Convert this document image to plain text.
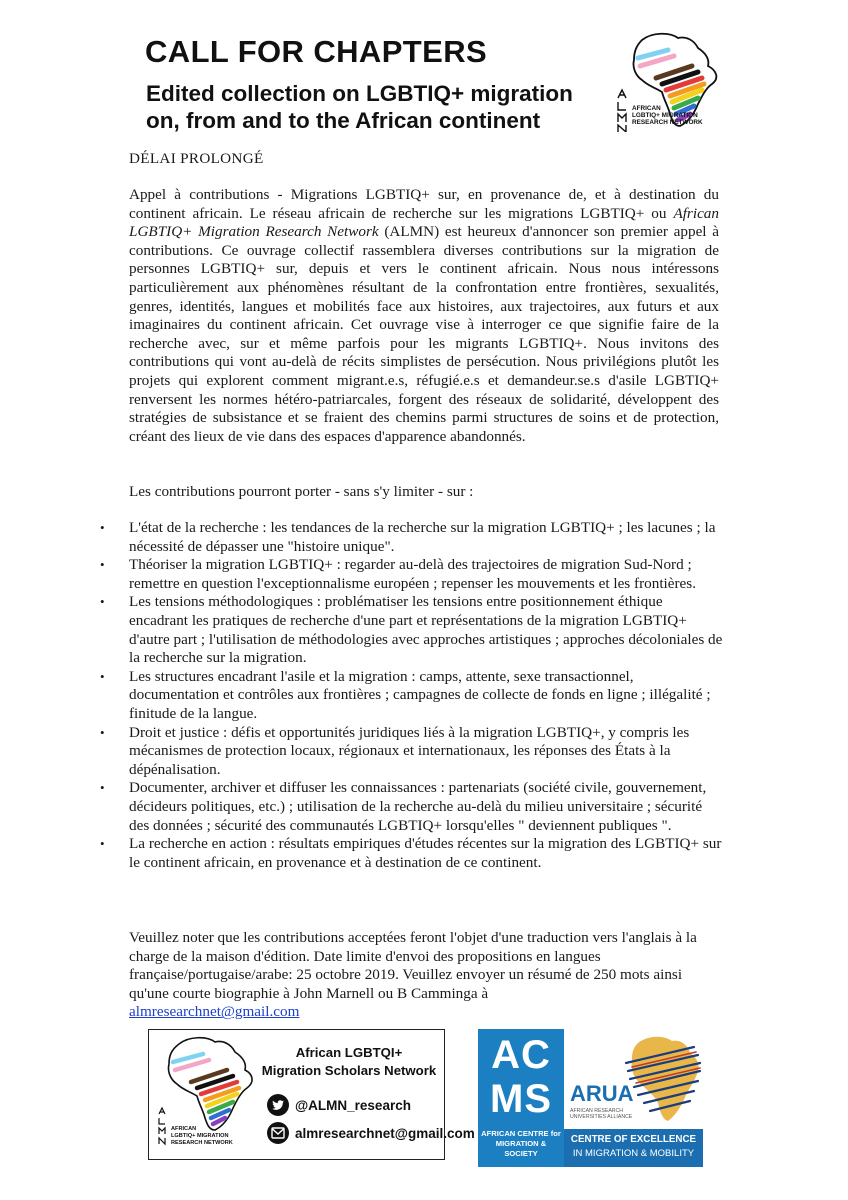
CALL FOR CHAPTERS
Edited collection on LGBTIQ+ migration
on, from and to the African continent	AFRICAN
LGBTIQ+ MIGRATION
RESEARCH NETWORK
DÉLAI PROLONGÉ

Appel à contributions - Migrations LGBTIQ+ sur, en provenance de, et à destination du continent africain. Le réseau africain de recherche sur les migrations LGBTIQ+ ou African LGBTIQ+ Migration Research Network (ALMN) est heureux d'annoncer son premier appel à contributions. Ce ouvrage collectif rassemblera diverses contributions sur la migration de personnes LGBTIQ+ sur, depuis et vers le continent africain. Nous nous intéressons particulièrement aux phénomènes résultant de la confrontation entre frontières, sexualités, genres, identités, langues et mobilités face aux histoires, aux trajectoires, aux futurs et aux imaginaires du continent africain. Cet ouvrage vise à interroger ce que signifie faire de la recherche avec, sur et même parfois pour les migrants LGBTIQ+. Nous invitons des contributions qui vont au-delà de récits simplistes de persécution. Nous privilégions plutôt les projets qui explorent comment migrant.e.s, réfugié.e.s et demandeur.se.s d'asile LGBTIQ+ renversent les normes hétéro-patriarcales, forgent des réseaux de solidarité, développent des stratégies de subsistance et se fraient des chemins parmi structures de soins et de protection, créant des lieux de vie dans des espaces d'apparence abandonnés.

Les contributions pourront porter - sans s'y limiter - sur :
• L'état de la recherche : les tendances de la recherche sur la migration LGBTIQ+ ; les lacunes ; la nécessité de dépasser une "histoire unique".
• Théoriser la migration LGBTIQ+ : regarder au-delà des trajectoires de migration Sud-Nord ; remettre en question l'exceptionnalisme européen ; repenser les mouvements et les frontières.
• Les tensions méthodologiques : problématiser les tensions entre positionnement éthique encadrant les pratiques de recherche d'une part et représentations de la migration LGBTIQ+ d'autre part ; l'utilisation de méthodologies avec approches artistiques ; approches décoloniales de la recherche sur la migration.
• Les structures encadrant l'asile et la migration : camps, attente, sexe transactionnel, documentation et contrôles aux frontières ; campagnes de collecte de fonds en ligne ; illégalité ; finitude de la langue.
• Droit et justice : défis et opportunités juridiques liés à la migration LGBTIQ+, y compris les mécanismes de protection locaux, régionaux et internationaux, les réponses des États à la dépénalisation.
• Documenter, archiver et diffuser les connaissances : partenariats (société civile, gouvernement, décideurs politiques, etc.) ; utilisation de la recherche au-delà du milieu universitaire ; sécurité des données ; sécurité des communautés LGBTIQ+ lorsqu'elles " deviennent publiques ".
• La recherche en action : résultats empiriques d'études récentes sur la migration des LGBTIQ+ sur le continent africain, en provenance et à destination de ce continent.

Veuillez noter que les contributions acceptées feront l'objet d'une traduction vers l'anglais à la charge de la maison d'édition. Date limite d'envoi des propositions en langues française/portugaise/arabe: 25 octobre 2019. Veuillez envoyer un résumé de 250 mots ainsi qu'une courte biographie à John Marnell ou B Camminga à
almresearchnet@gmail.com

AFRICAN
LGBTIQ+ MIGRATION
RESEARCH NETWORK

African LGBTQI+
Migration Scholars Network

@ALMN_research
almresearchnet@gmail.com
AC
MS
AFRICAN CENTRE for
MIGRATION & SOCIETY
ARUA
AFRICAN RESEARCH
UNIVERSITIES ALLIANCE
CENTRE OF EXCELLENCE
IN MIGRATION & MOBILITY
